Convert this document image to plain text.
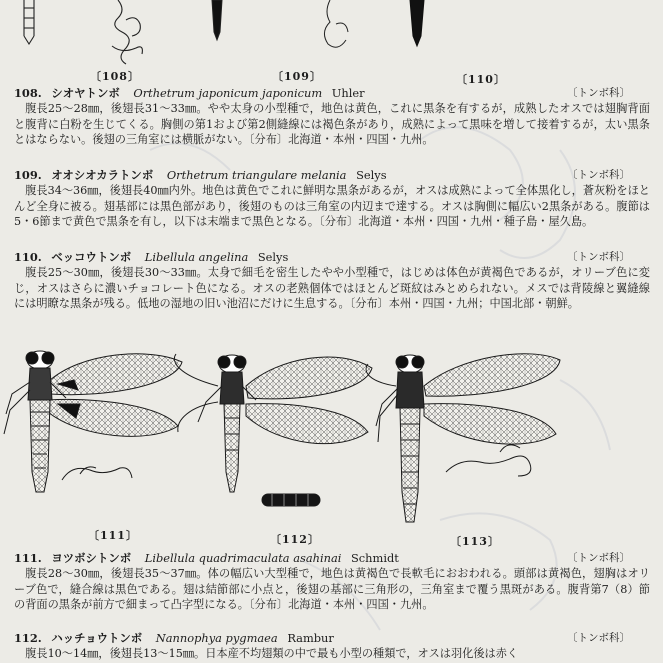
〔108〕	〔109〕	〔110〕
108. シオヤトンボ Orthetrum japonicum japonicum Uhler	〔トンボ科〕

腹長25～28㎜，後翅長31～33㎜。やや太身の小型種で，地色は黄色，これに黒条を有するが，成熟したオスでは翅胸背面と腹背に白粉を生じてくる。胸側の第1および第2側縫線には褐色条があり，成熟によって黒味を増して接着するが，太い黒条とはならない。後翅の三角室には横脈がない。〔分布〕北海道・本州・四国・九州。

109. オオシオカラトンボ Orthetrum triangulare melania Selys	〔トンボ科〕

腹長34～36㎜，後翅長40㎜内外。地色は黄色でこれに鮮明な黒条があるが，オスは成熟によって全体黒化し，蒼灰粉をほとんど全身に被る。翅基部には黒色部があり，後翅のものは三角室の内辺まで達する。オスは胸側に幅広い2黒条がある。腹節は5・6節まで黄色で黒条を有し，以下は末端まで黒色となる。〔分布〕北海道・本州・四国・九州・種子島・屋久島。

110. ベッコウトンボ Libellula angelina Selys	〔トンボ科〕

腹長25～30㎜，後翅長30～33㎜。太身で細毛を密生したやや小型種で，はじめは体色が黄褐色であるが，オリーブ色に変じ，オスはさらに濃いチョコレート色になる。オスの老熟個体ではほとんど斑紋はみとめられない。メスでは背陵線と翼縫線には明瞭な黒条が残る。低地の湿地の旧い池沼にだけに生息する。〔分布〕本州・四国・九州；中国北部・朝鮮。

〔111〕	〔112〕	〔113〕
111. ヨツボシトンボ Libellula quadrimaculata asahinai Schmidt	〔トンボ科〕

腹長28～30㎜，後翅長35～37㎜。体の幅広い大型種で，地色は黄褐色で長軟毛におおわれる。頭部は黄褐色，翅胸はオリーブ色で，縫合線は黒色である。翅は結節部に小点と，後翅の基部に三角形の，三角室まで覆う黒斑がある。腹背第7（8）節の背面の黒条が前方で細まって凸字型になる。〔分布〕北海道・本州・四国・九州。

112. ハッチョウトンボ Nannophya pygmaea Rambur	〔トンボ科〕

腹長10～14㎜，後翅長13～15㎜。日本産不均翅類の中で最も小型の種類で，オスは羽化後は赤く
